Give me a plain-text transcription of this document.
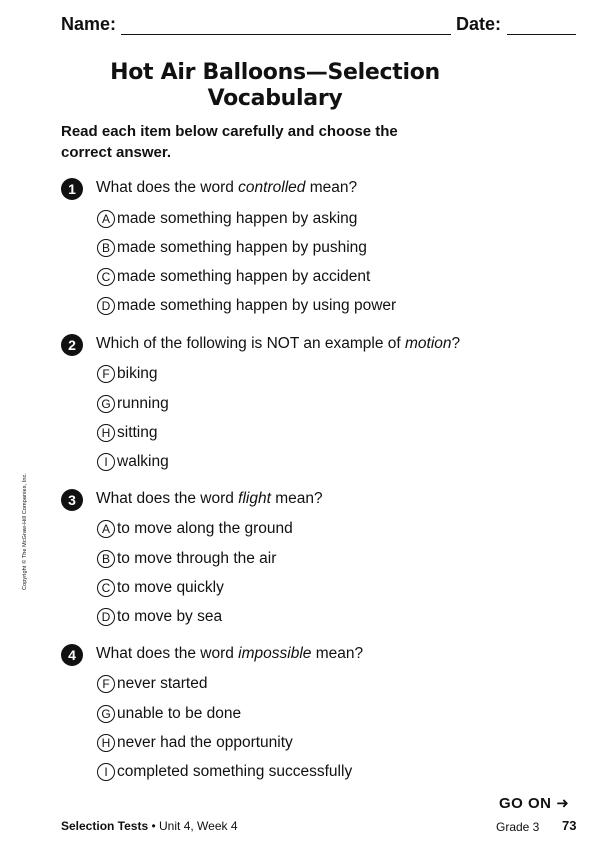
Name:	Date:
Hot Air Balloons—Selection
Vocabulary
Read each item below carefully and choose the
correct answer.
1	What does the word controlled mean?
A made something happen by asking
B made something happen by pushing
C made something happen by accident
D made something happen by using power
2	Which of the following is NOT an example of motion?
F biking
G running
H sitting
I walking
3	What does the word flight mean?
A to move along the ground
B to move through the air
C to move quickly
D to move by sea
4	What does the word impossible mean?
F never started
G unable to be done
H never had the opportunity
I completed something successfully
Copyright © The McGraw-Hill Companies, Inc.
GO ON ➜
Selection Tests • Unit 4, Week 4	Grade 3 73
